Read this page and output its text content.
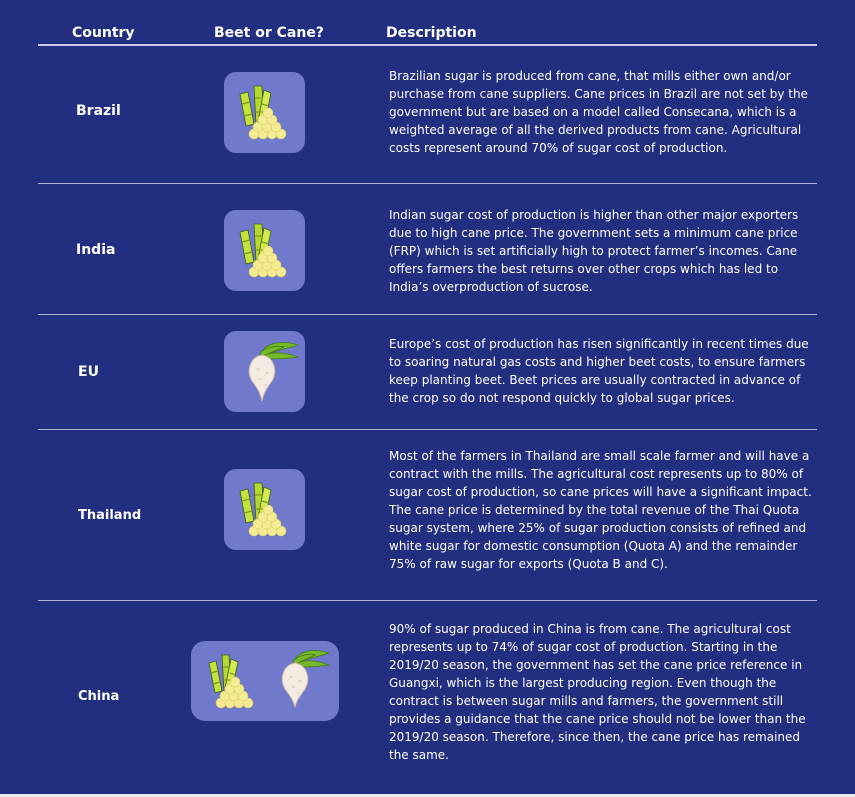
Country	Beet or Cane?	Description
Brazil
Brazilian sugar is produced from cane, that mills either own and/or purchase from cane suppliers. Cane prices in Brazil are not set by the government but are based on a model called Consecana, which is a weighted average of all the derived products from cane. Agricultural costs represent around 70% of sugar cost of production.
India
Indian sugar cost of production is higher than other major exporters due to high cane price. The government sets a minimum cane price (FRP) which is set artificially high to protect farmer’s incomes. Cane offers farmers the best returns over other crops which has led to India’s overproduction of sucrose.
EU
Europe’s cost of production has risen significantly in recent times due to soaring natural gas costs and higher beet costs, to ensure farmers keep planting beet. Beet prices are usually contracted in advance of the crop so do not respond quickly to global sugar prices.
Thailand
Most of the farmers in Thailand are small scale farmer and will have a contract with the mills. The agricultural cost represents up to 80% of sugar cost of production, so cane prices will have a significant impact. The cane price is determined by the total revenue of the Thai Quota sugar system, where 25% of sugar production consists of refined and white sugar for domestic consumption (Quota A) and the remainder 75% of raw sugar for exports (Quota B and C).
China
90% of sugar produced in China is from cane. The agricultural cost represents up to 74% of sugar cost of production. Starting in the 2019/20 season, the government has set the cane price reference in Guangxi, which is the largest producing region. Even though the contract is between sugar mills and farmers, the government still provides a guidance that the cane price should not be lower than the 2019/20 season. Therefore, since then, the cane price has remained the same.
